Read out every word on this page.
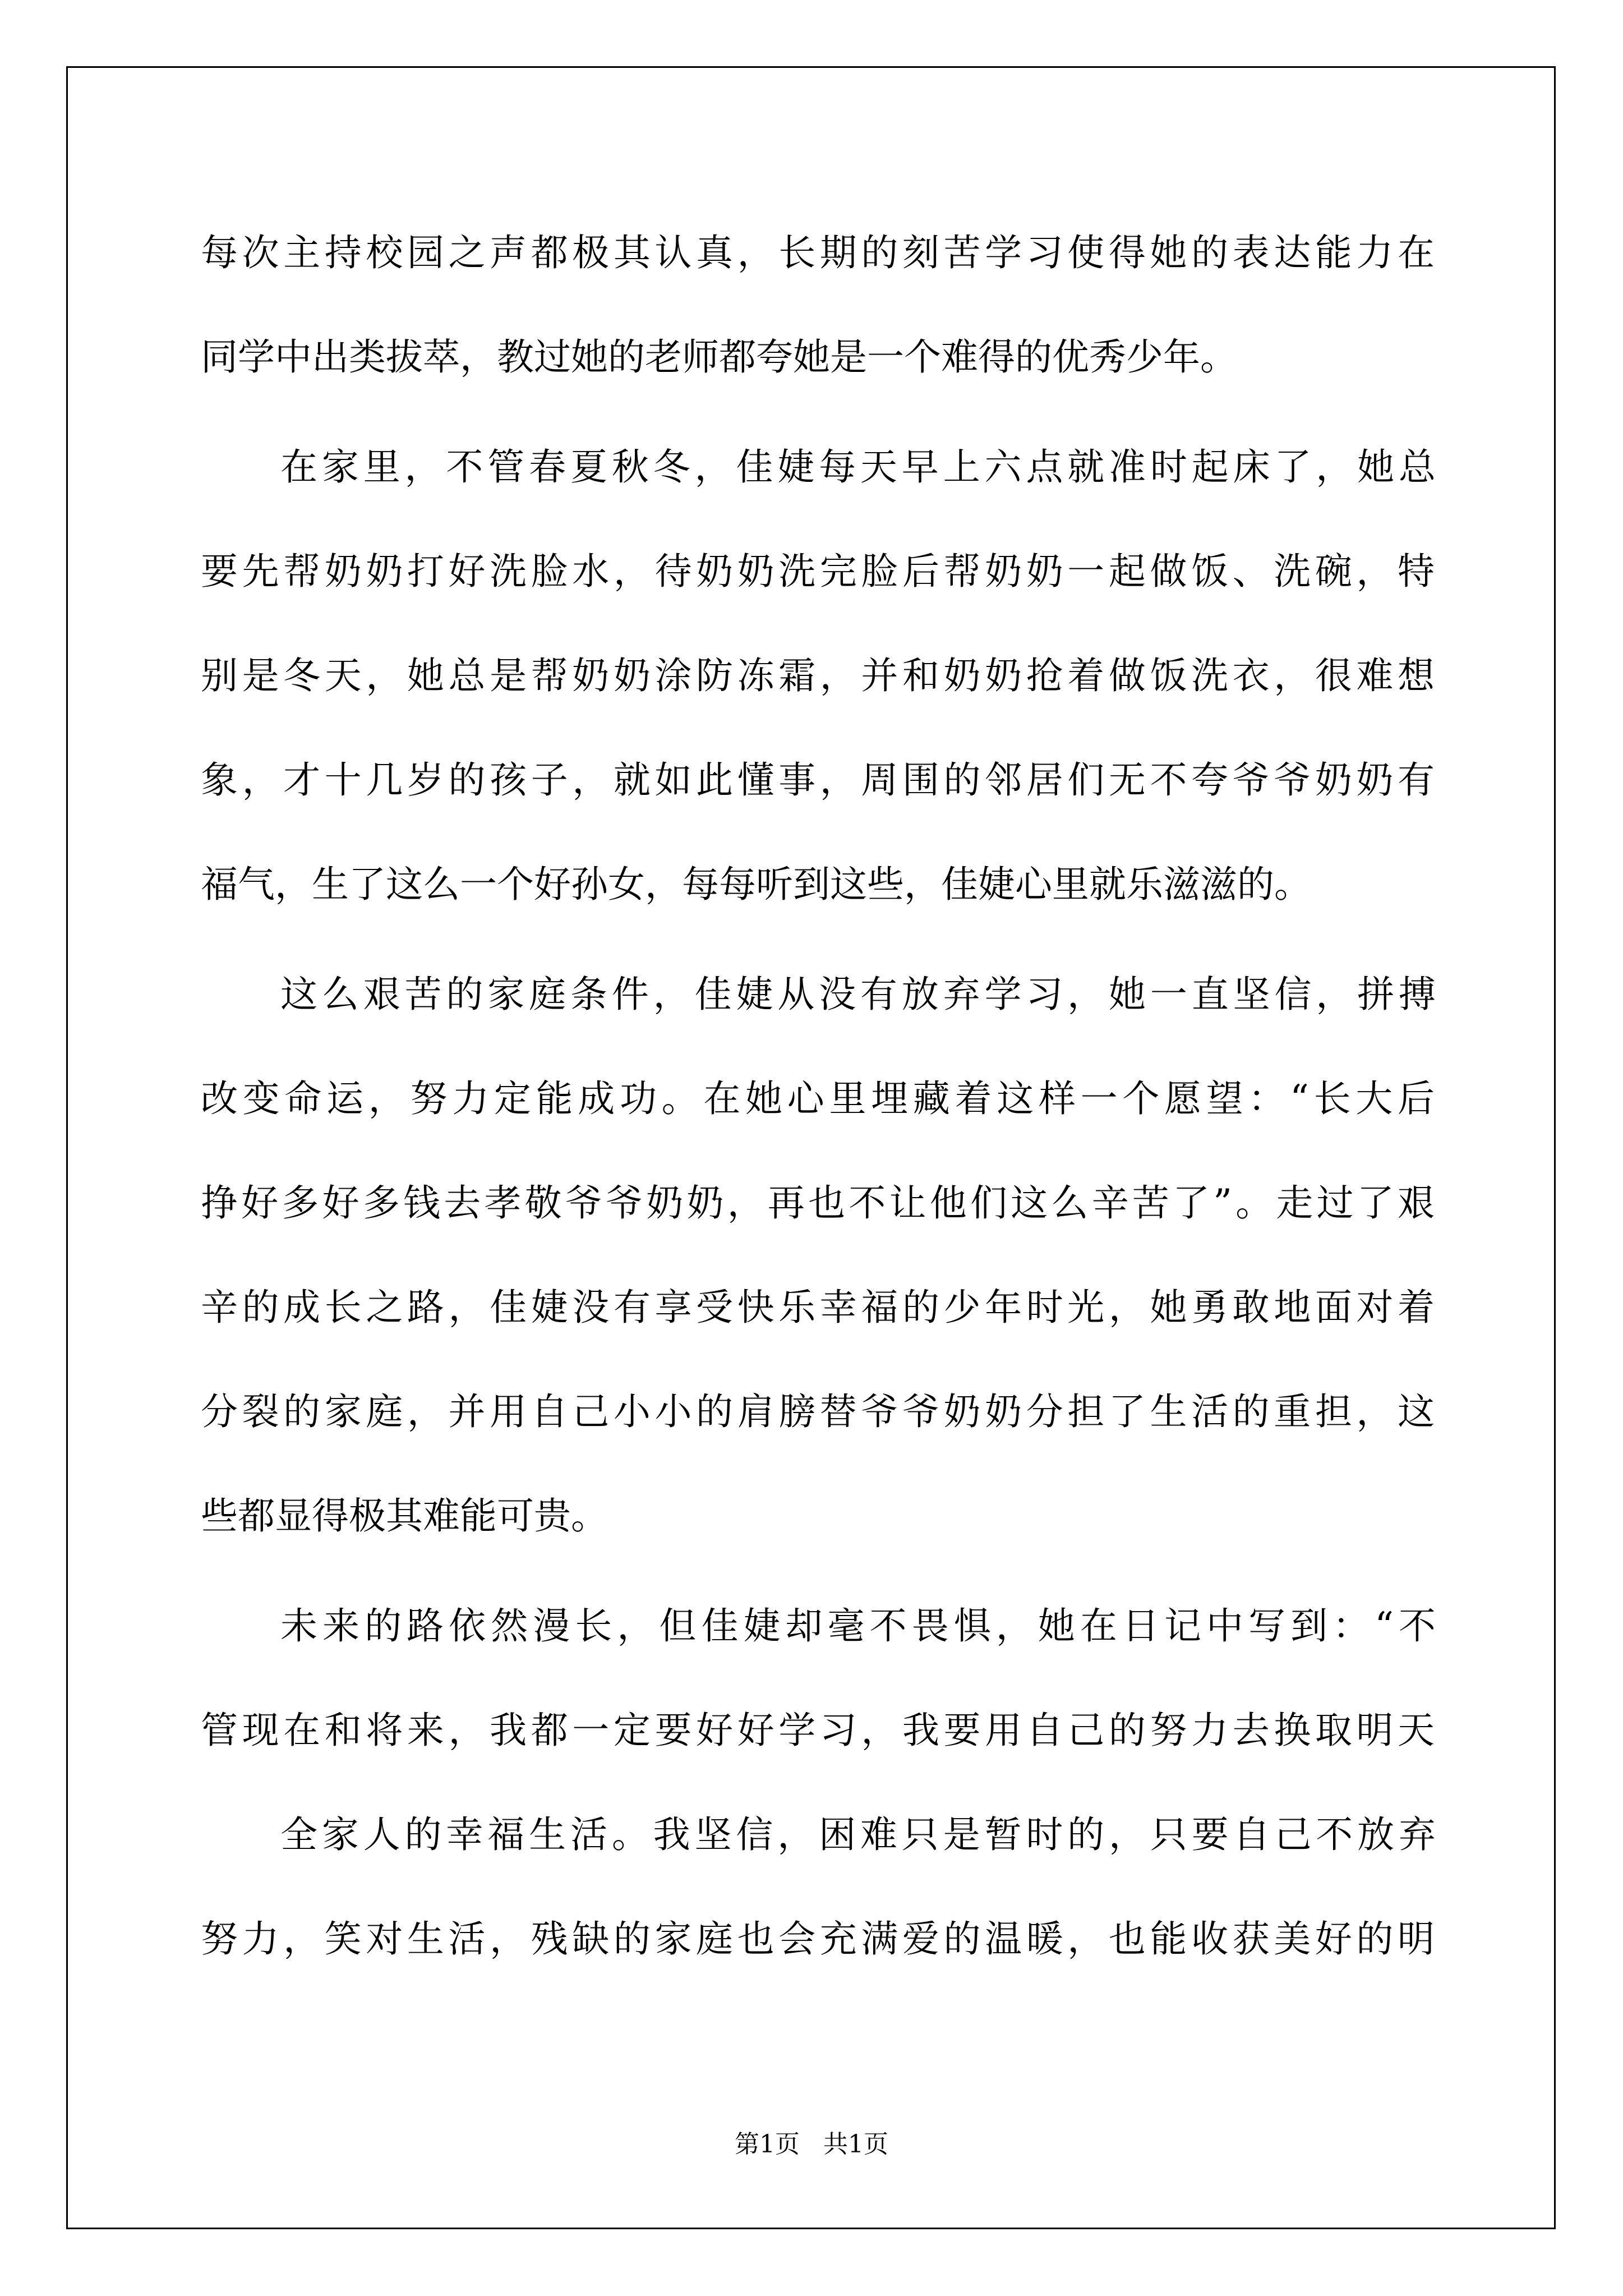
每次主持校园之声都极其认真，长期的刻苦学习使得她的表达能力在
同学中出类拔萃，教过她的老师都夸她是一个难得的优秀少年。
在家里，不管春夏秋冬，佳婕每天早上六点就准时起床了，她总
要先帮奶奶打好洗脸水，待奶奶洗完脸后帮奶奶一起做饭、洗碗，特
别是冬天，她总是帮奶奶涂防冻霜，并和奶奶抢着做饭洗衣，很难想
象，才十几岁的孩子，就如此懂事，周围的邻居们无不夸爷爷奶奶有
福气，生了这么一个好孙女，每每听到这些，佳婕心里就乐滋滋的。
这么艰苦的家庭条件，佳婕从没有放弃学习，她一直坚信，拼搏
改变命运，努力定能成功。在她心里埋藏着这样一个愿望：“长大后
挣好多好多钱去孝敬爷爷奶奶，再也不让他们这么辛苦了”。走过了艰
辛的成长之路，佳婕没有享受快乐幸福的少年时光，她勇敢地面对着
分裂的家庭，并用自己小小的肩膀替爷爷奶奶分担了生活的重担，这
些都显得极其难能可贵。
未来的路依然漫长，但佳婕却毫不畏惧，她在日记中写到：“不
管现在和将来，我都一定要好好学习，我要用自己的努力去换取明天
全家人的幸福生活。我坚信，困难只是暂时的，只要自己不放弃
努力，笑对生活，残缺的家庭也会充满爱的温暖，也能收获美好的明
第1页   共1页
